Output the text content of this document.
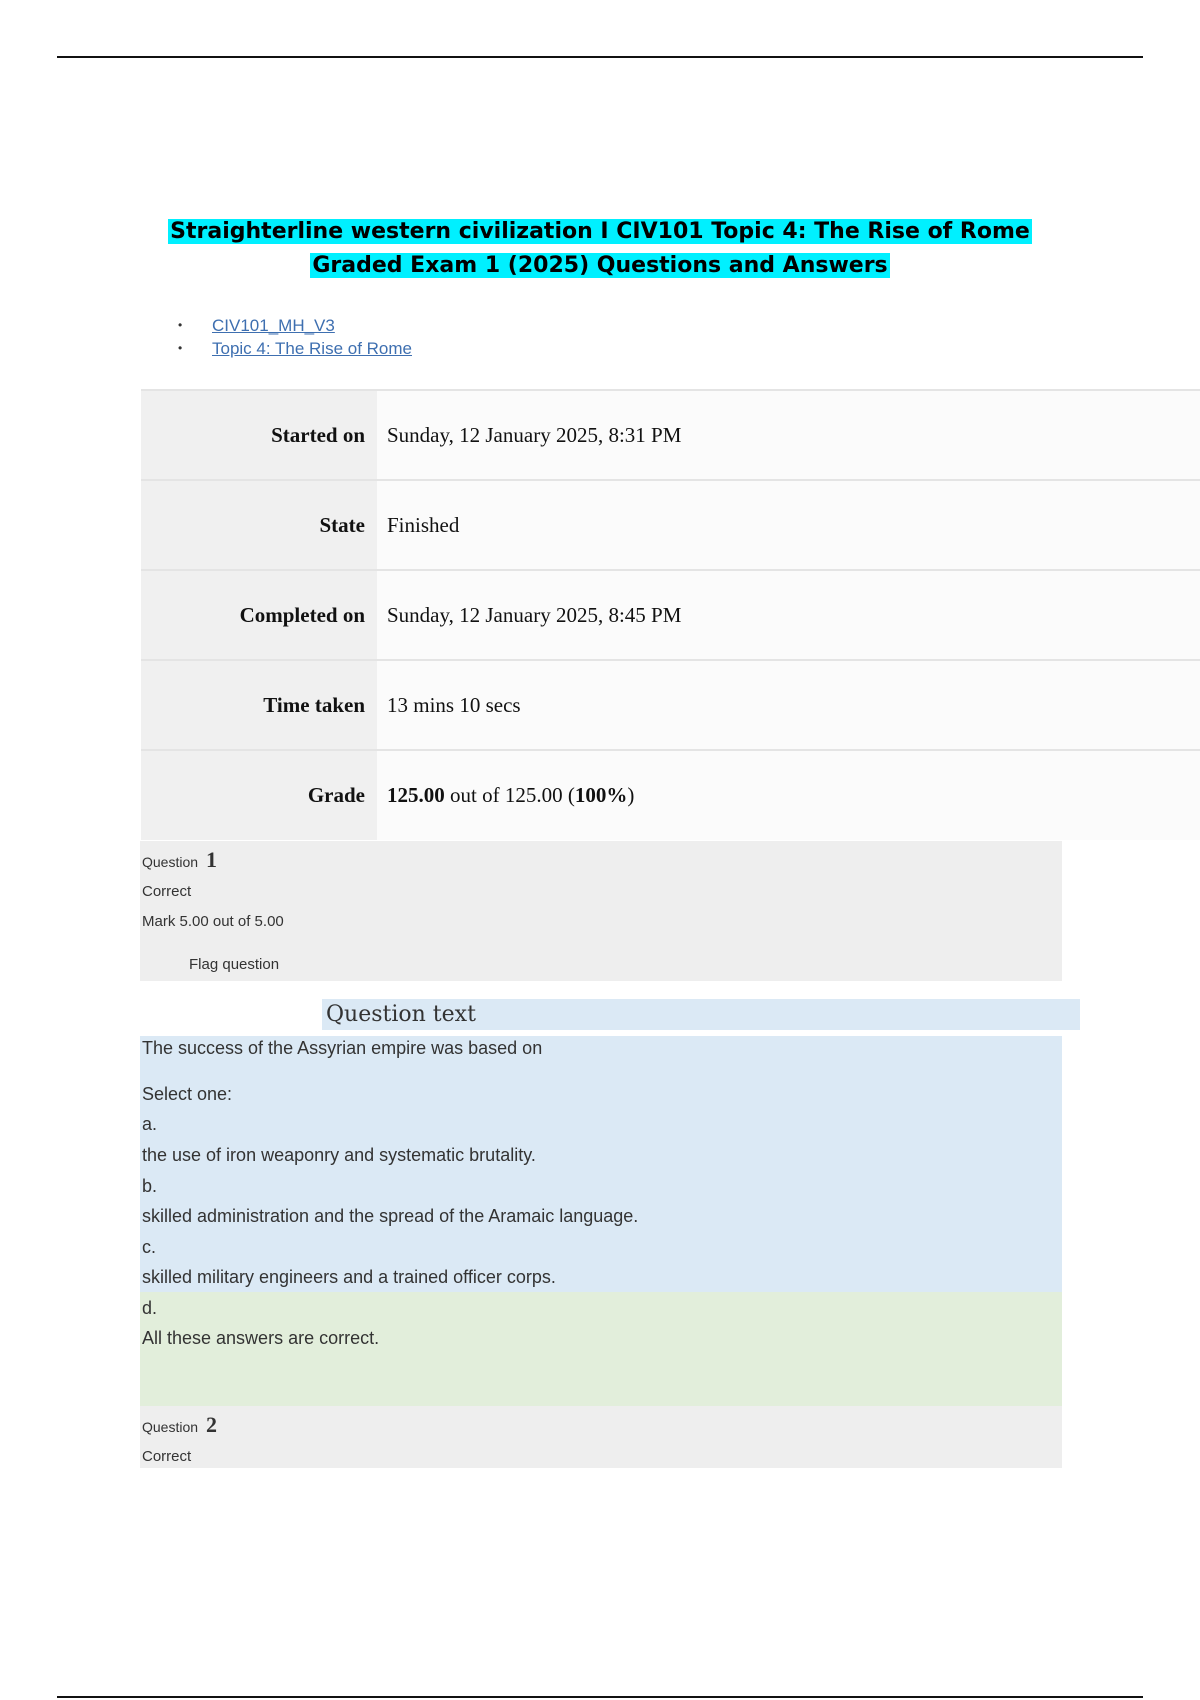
Straighterline western civilization I CIV101 Topic 4: The Rise of Rome
Graded Exam 1 (2025) Questions and Answers
• CIV101_MH_V3
• Topic 4: The Rise of Rome
Started on	Sunday, 12 January 2025, 8:31 PM
State	Finished
Completed on	Sunday, 12 January 2025, 8:45 PM
Time taken	13 mins 10 secs
Grade	125.00 out of 125.00 (100%)
Question 1
Correct
Mark 5.00 out of 5.00
Flag question
Question text
The success of the Assyrian empire was based on
Select one:
a.
the use of iron weaponry and systematic brutality.
b.
skilled administration and the spread of the Aramaic language.
c.
skilled military engineers and a trained officer corps.
d.
All these answers are correct.
Question 2
Correct
